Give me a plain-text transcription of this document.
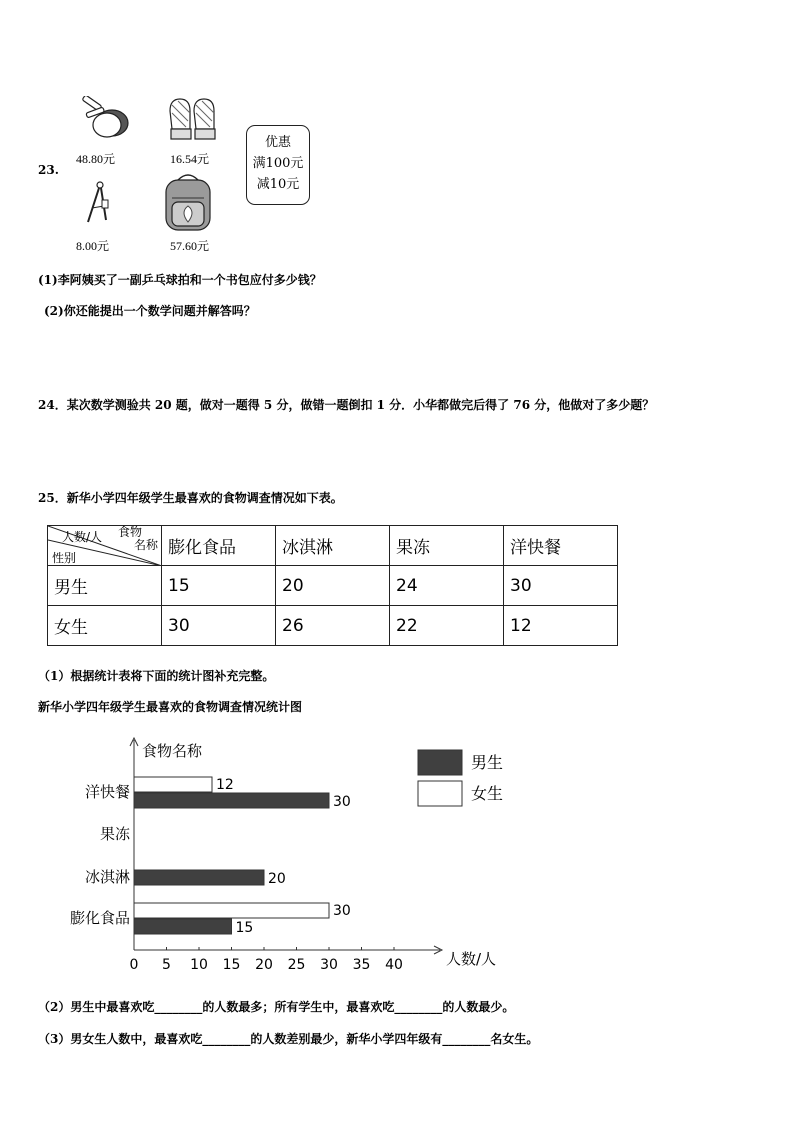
23.
48.80元	16.54元
8.00元	57.60元
优惠
满100元
减10元
(1)李阿姨买了一副乒乓球拍和一个书包应付多少钱？
(2)你还能提出一个数学问题并解答吗？
24．某次数学测验共 20 题，做对一题得 5 分，做错一题倒扣 1 分．小华都做完后得了 76 分，他做对了多少题？
25．新华小学四年级学生最喜欢的食物调查情况如下表。
人数/人 食物
名称
性别	膨化食品	冰淇淋	果冻	洋快餐
男生	15	20	24	30
女生	30	26	22	12
（1）根据统计表将下面的统计图补充完整。
新华小学四年级学生最喜欢的食物调查情况统计图
食物名称
人数/人
0 5 10 15 20 25 30 35 40
膨化食品	30
15
冰淇淋	20
果冻
洋快餐	12
30
男生
女生
（2）男生中最喜欢吃________的人数最多；所有学生中，最喜欢吃________的人数最少。
（3）男女生人数中，最喜欢吃________的人数差别最少，新华小学四年级有________名女生。
